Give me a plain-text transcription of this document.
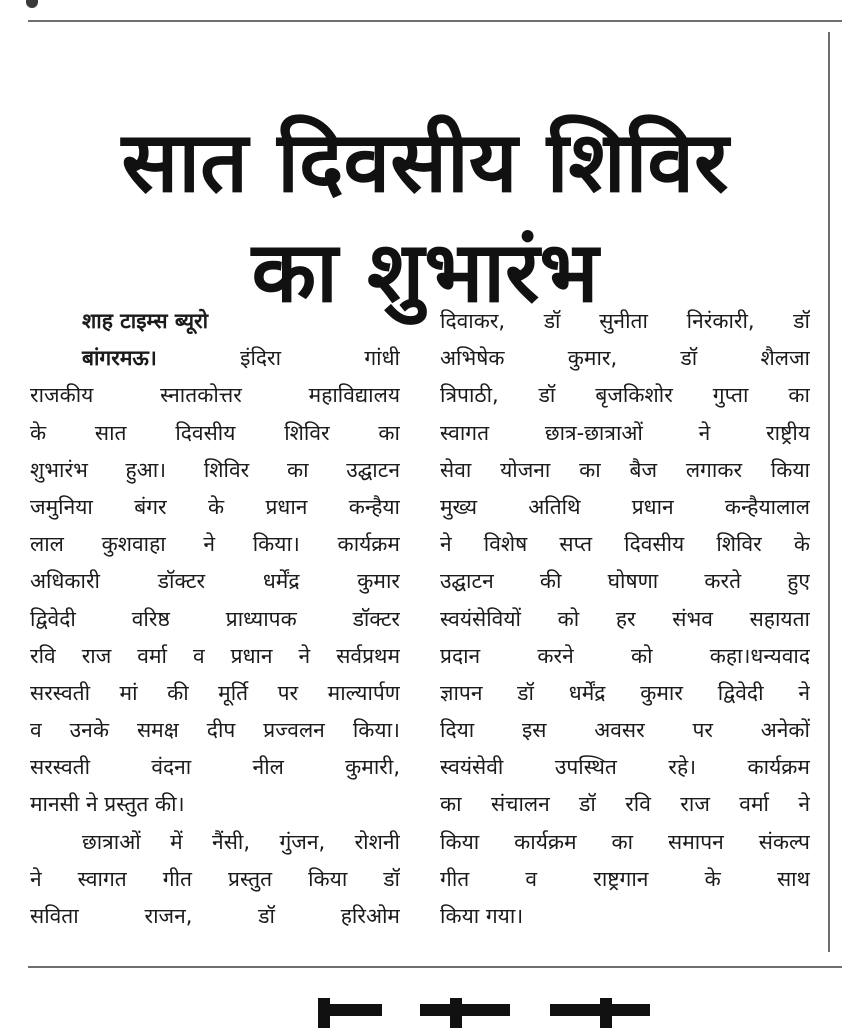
सात दिवसीय शिविर
का शुभारंभ
शाह टाइम्स ब्यूरो
बांगरमऊ।	इंदिरा गांधी
राजकीय स्नातकोत्तर महाविद्यालय
के सात दिवसीय शिविर का
शुभारंभ हुआ। शिविर का उद्घाटन
जमुनिया बंगर के प्रधान कन्हैया
लाल कुशवाहा ने किया। कार्यक्रम
अधिकारी डॉक्टर धर्मेंद्र कुमार
द्विवेदी वरिष्ठ प्राध्यापक डॉक्टर
रवि राज वर्मा व प्रधान ने सर्वप्रथम
सरस्वती मां की मूर्ति पर माल्यार्पण
व उनके समक्ष दीप प्रज्वलन किया।
सरस्वती वंदना नील कुमारी,
मानसी ने प्रस्तुत की।
छात्राओं में नैंसी, गुंजन, रोशनी
ने स्वागत गीत प्रस्तुत किया डॉ
सविता राजन, डॉ हरिओम
दिवाकर, डॉ सुनीता निरंकारी, डॉ
अभिषेक कुमार, डॉ शैलजा
त्रिपाठी, डॉ बृजकिशोर गुप्ता का
स्वागत छात्र-छात्राओं ने राष्ट्रीय
सेवा योजना का बैज लगाकर किया
मुख्य अतिथि प्रधान कन्हैयालाल
ने विशेष सप्त दिवसीय शिविर के
उद्घाटन की घोषणा करते हुए
स्वयंसेवियों को हर संभव सहायता
प्रदान करने को कहा।धन्यवाद
ज्ञापन डॉ धर्मेंद्र कुमार द्विवेदी ने
दिया इस अवसर पर अनेकों
स्वयंसेवी उपस्थित रहे। कार्यक्रम
का संचालन डॉ रवि राज वर्मा ने
किया कार्यक्रम का समापन संकल्प
गीत व राष्ट्रगान के साथ
किया गया।
